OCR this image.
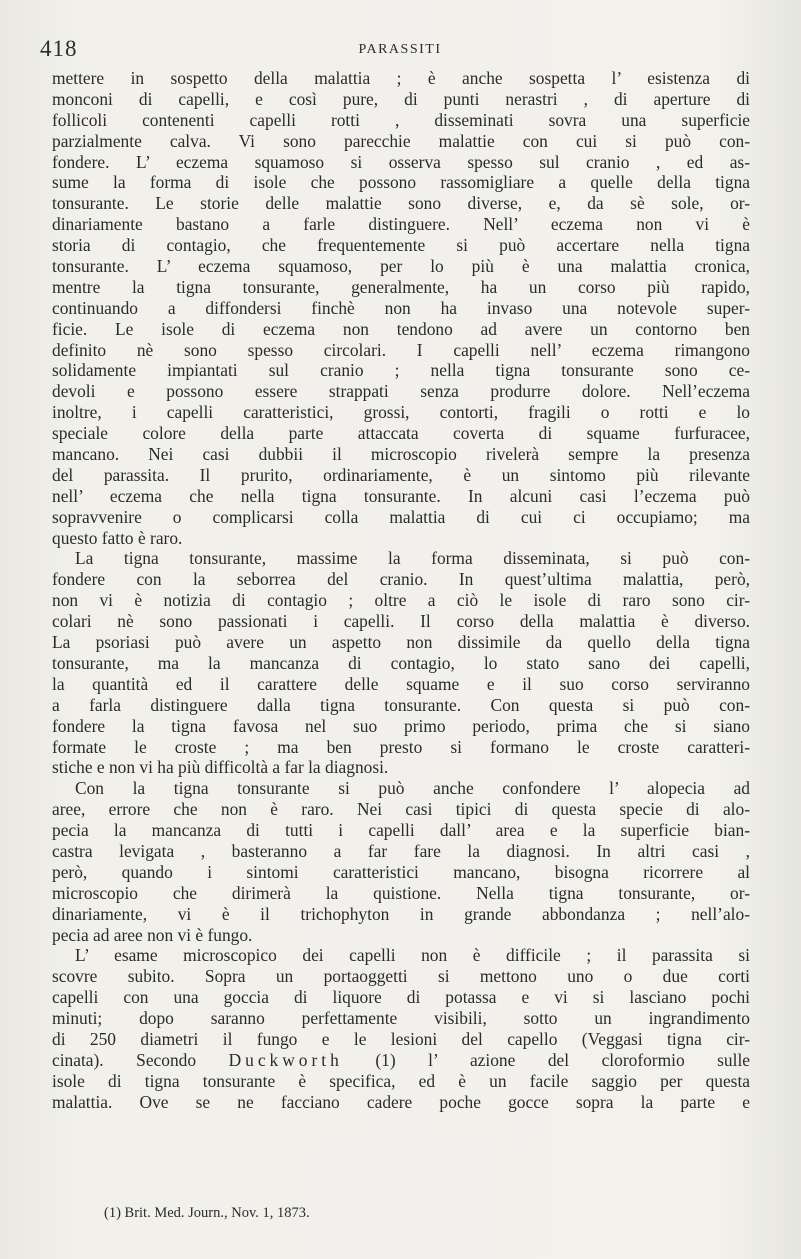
418	PARASSITI
mettere in sospetto della malattia ; è anche sospetta l’ esistenza di
monconi di capelli, e così pure, di punti nerastri , di aperture di
follicoli contenenti capelli rotti , disseminati sovra una superficie
parzialmente calva. Vi sono parecchie malattie con cui si può con-
fondere. L’ eczema squamoso si osserva spesso sul cranio , ed as-
sume la forma di isole che possono rassomigliare a quelle della tigna
tonsurante. Le storie delle malattie sono diverse, e, da sè sole, or-
dinariamente bastano a farle distinguere. Nell’ eczema non vi è
storia di contagio, che frequentemente si può accertare nella tigna
tonsurante. L’ eczema squamoso, per lo più è una malattia cronica,
mentre la tigna tonsurante, generalmente, ha un corso più rapido,
continuando a diffondersi finchè non ha invaso una notevole super-
ficie. Le isole di eczema non tendono ad avere un contorno ben
definito nè sono spesso circolari. I capelli nell’ eczema rimangono
solidamente impiantati sul cranio ; nella tigna tonsurante sono ce-
devoli e possono essere strappati senza produrre dolore. Nell’eczema
inoltre, i capelli caratteristici, grossi, contorti, fragili o rotti e lo
speciale colore della parte attaccata coverta di squame furfuracee,
mancano. Nei casi dubbii il microscopio rivelerà sempre la presenza
del parassita. Il prurito, ordinariamente, è un sintomo più rilevante
nell’ eczema che nella tigna tonsurante. In alcuni casi l’eczema può
sopravvenire o complicarsi colla malattia di cui ci occupiamo; ma
questo fatto è raro.
La tigna tonsurante, massime la forma disseminata, si può con-
fondere con la seborrea del cranio. In quest’ultima malattia, però,
non vi è notizia di contagio ; oltre a ciò le isole di raro sono cir-
colari nè sono passionati i capelli. Il corso della malattia è diverso.
La psoriasi può avere un aspetto non dissimile da quello della tigna
tonsurante, ma la mancanza di contagio, lo stato sano dei capelli,
la quantità ed il carattere delle squame e il suo corso serviranno
a farla distinguere dalla tigna tonsurante. Con questa si può con-
fondere la tigna favosa nel suo primo periodo, prima che si siano
formate le croste ; ma ben presto si formano le croste caratteri-
stiche e non vi ha più difficoltà a far la diagnosi.
Con la tigna tonsurante si può anche confondere l’ alopecia ad
aree, errore che non è raro. Nei casi tipici di questa specie di alo-
pecia la mancanza di tutti i capelli dall’ area e la superficie bian-
castra levigata , basteranno a far fare la diagnosi. In altri casi ,
però, quando i sintomi caratteristici mancano, bisogna ricorrere al
microscopio che dirimerà la quistione. Nella tigna tonsurante, or-
dinariamente, vi è il trichophyton in grande abbondanza ; nell’alo-
pecia ad aree non vi è fungo.
L’ esame microscopico dei capelli non è difficile ; il parassita si
scovre subito. Sopra un portaoggetti si mettono uno o due corti
capelli con una goccia di liquore di potassa e vi si lasciano pochi
minuti; dopo saranno perfettamente visibili, sotto un ingrandimento
di 250 diametri il fungo e le lesioni del capello (Veggasi tigna cir-
cinata). Secondo Duckworth (1) l’ azione del cloroformio sulle
isole di tigna tonsurante è specifica, ed è un facile saggio per questa
malattia. Ove se ne facciano cadere poche gocce sopra la parte e
(1) Brit. Med. Journ., Nov. 1, 1873.
